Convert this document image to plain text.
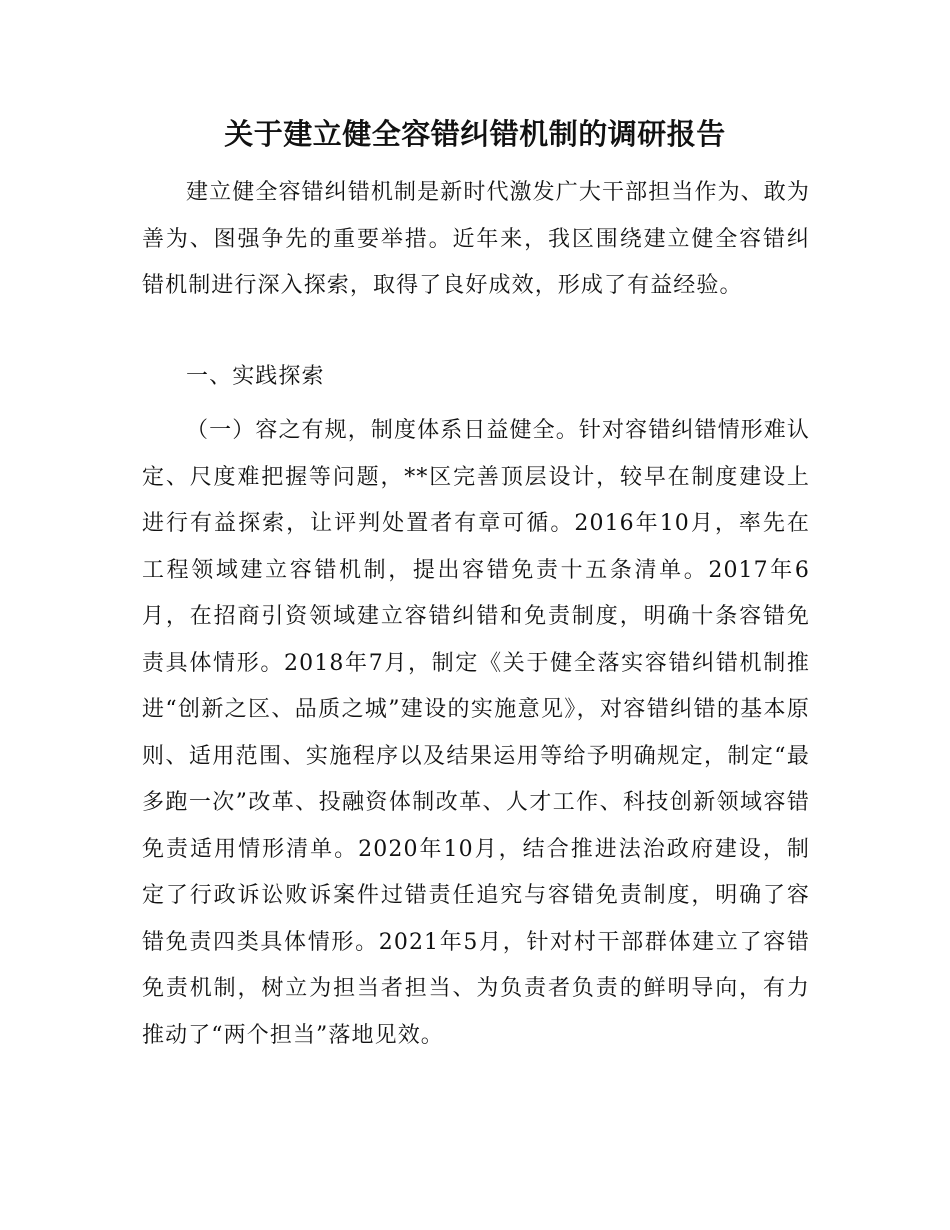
关于建立健全容错纠错机制的调研报告

建立健全容错纠错机制是新时代激发广大干部担当作为、敢为善为、图强争先的重要举措。近年来，我区围绕建立健全容错纠错机制进行深入探索，取得了良好成效，形成了有益经验。

一、实践探索

（一）容之有规，制度体系日益健全。针对容错纠错情形难认定、尺度难把握等问题，**区完善顶层设计，较早在制度建设上进行有益探索，让评判处置者有章可循。2016年10月，率先在工程领域建立容错机制，提出容错免责十五条清单。2017年6月，在招商引资领域建立容错纠错和免责制度，明确十条容错免责具体情形。2018年7月，制定《关于健全落实容错纠错机制推进“创新之区、品质之城”建设的实施意见》，对容错纠错的基本原则、适用范围、实施程序以及结果运用等给予明确规定，制定“最多跑一次”改革、投融资体制改革、人才工作、科技创新领域容错免责适用情形清单。2020年10月，结合推进法治政府建设，制定了行政诉讼败诉案件过错责任追究与容错免责制度，明确了容错免责四类具体情形。2021年5月，针对村干部群体建立了容错免责机制，树立为担当者担当、为负责者负责的鲜明导向，有力推动了“两个担当”落地见效。
